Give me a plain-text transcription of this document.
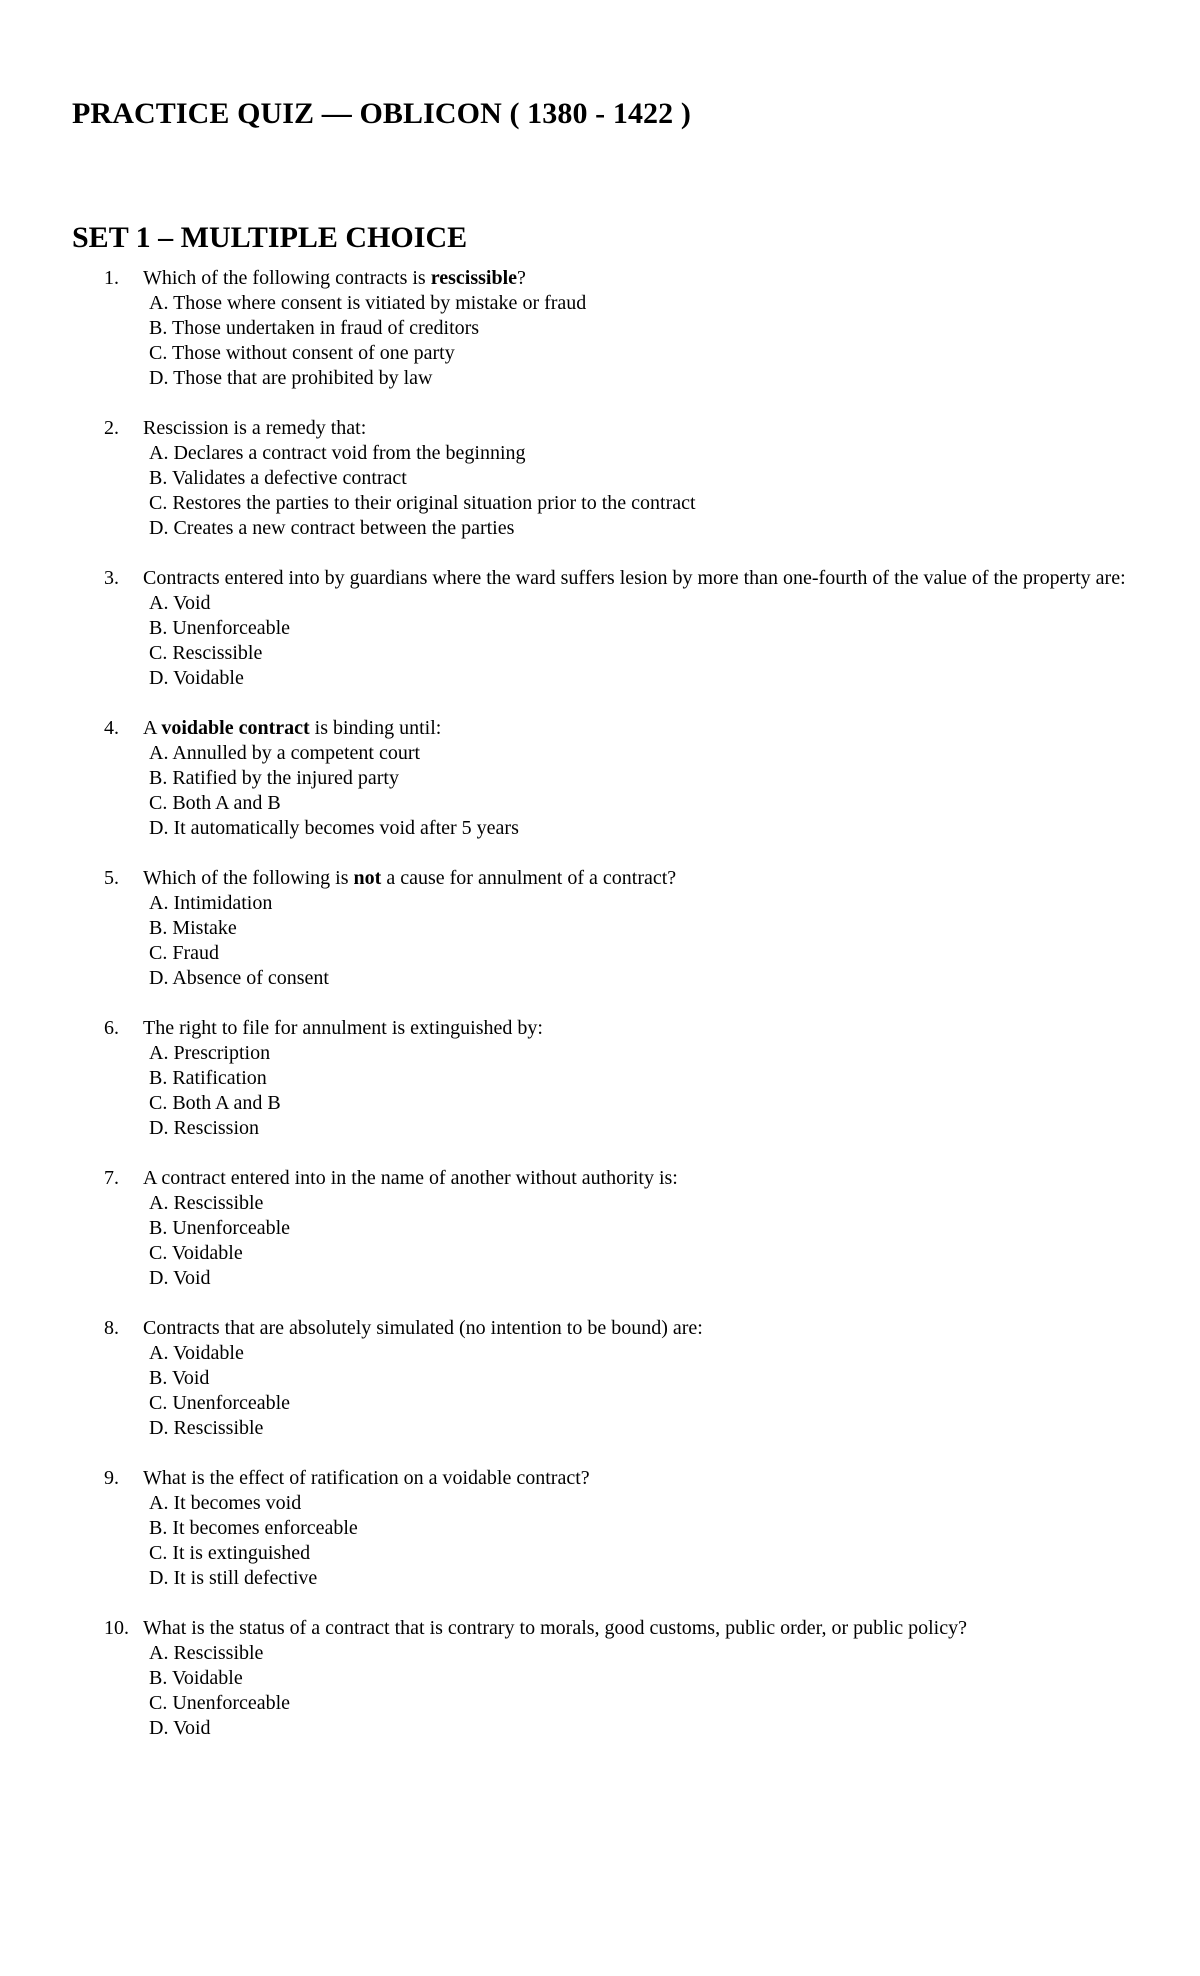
PRACTICE QUIZ — OBLICON ( 1380 - 1422 )
SET 1 – MULTIPLE CHOICE
1. Which of the following contracts is rescissible?
A. Those where consent is vitiated by mistake or fraud
B. Those undertaken in fraud of creditors
C. Those without consent of one party
D. Those that are prohibited by law
2. Rescission is a remedy that:
A. Declares a contract void from the beginning
B. Validates a defective contract
C. Restores the parties to their original situation prior to the contract
D. Creates a new contract between the parties
3. Contracts entered into by guardians where the ward suffers lesion by more than one-fourth of the value of the property are:
A. Void
B. Unenforceable
C. Rescissible
D. Voidable
4. A voidable contract is binding until:
A. Annulled by a competent court
B. Ratified by the injured party
C. Both A and B
D. It automatically becomes void after 5 years
5. Which of the following is not a cause for annulment of a contract?
A. Intimidation
B. Mistake
C. Fraud
D. Absence of consent
6. The right to file for annulment is extinguished by:
A. Prescription
B. Ratification
C. Both A and B
D. Rescission
7. A contract entered into in the name of another without authority is:
A. Rescissible
B. Unenforceable
C. Voidable
D. Void
8. Contracts that are absolutely simulated (no intention to be bound) are:
A. Voidable
B. Void
C. Unenforceable
D. Rescissible
9. What is the effect of ratification on a voidable contract?
A. It becomes void
B. It becomes enforceable
C. It is extinguished
D. It is still defective
10. What is the status of a contract that is contrary to morals, good customs, public order, or public policy?
A. Rescissible
B. Voidable
C. Unenforceable
D. Void
